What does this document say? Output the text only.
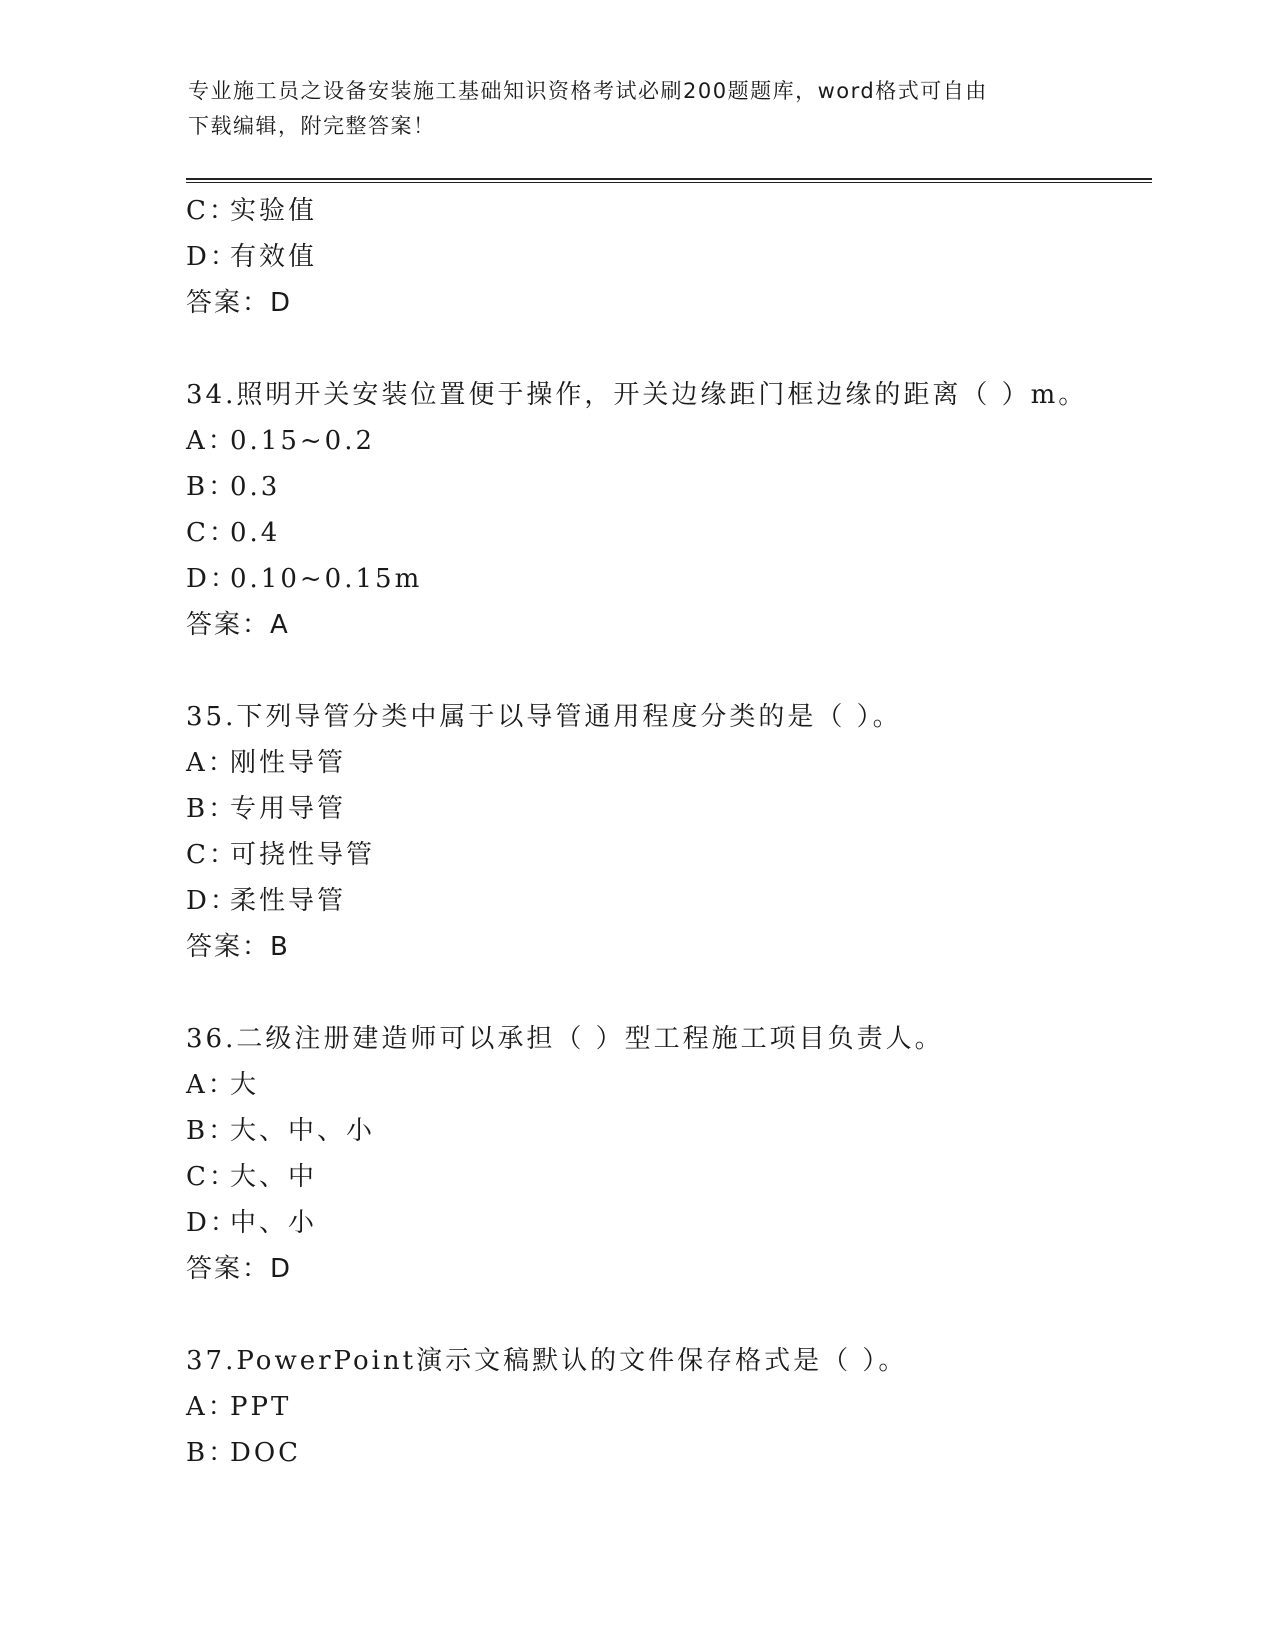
专业施工员之设备安装施工基础知识资格考试必刷200题题库，word格式可自由
下载编辑，附完整答案！
C：实验值
D：有效值
答案：D
34.照明开关安装位置便于操作，开关边缘距门框边缘的距离（ ）m。
A：0.15~0.2
B：0.3
C：0.4
D：0.10~0.15m
答案：A
35.下列导管分类中属于以导管通用程度分类的是（ ）。
A：刚性导管
B：专用导管
C：可挠性导管
D：柔性导管
答案：B
36.二级注册建造师可以承担（ ）型工程施工项目负责人。
A：大
B：大、中、小
C：大、中
D：中、小
答案：D
37.PowerPoint演示文稿默认的文件保存格式是（ ）。
A：PPT
B：DOC
